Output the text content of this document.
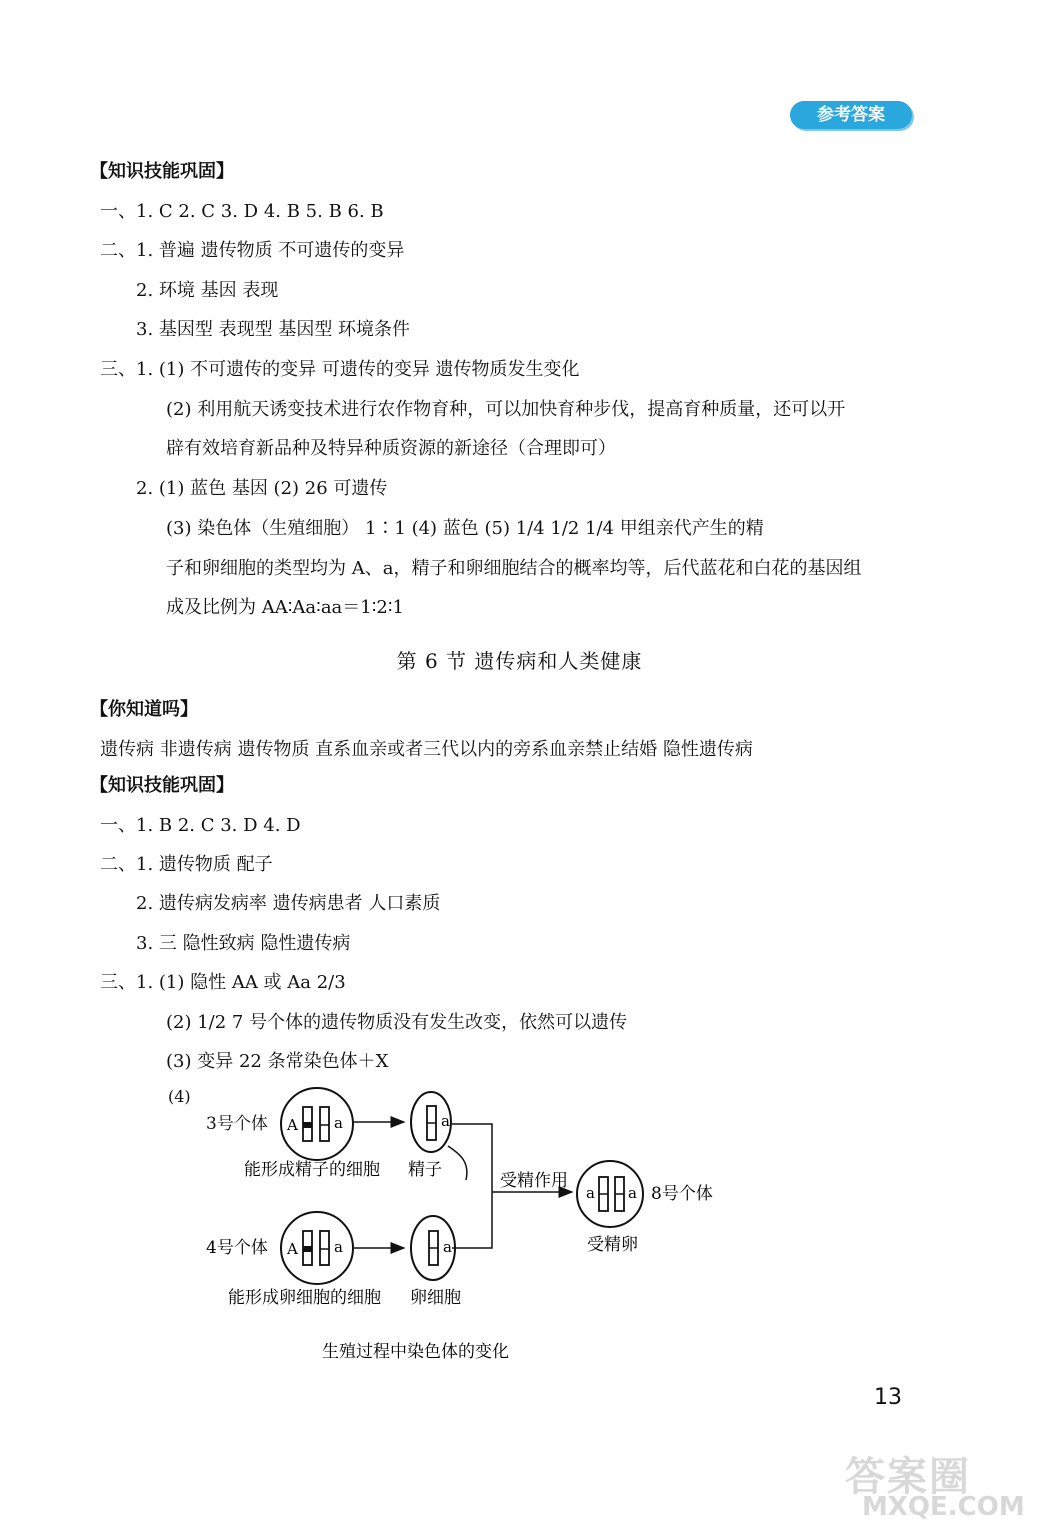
参考答案
【知识技能巩固】
一、1. C 2. C 3. D 4. B 5. B 6. B
二、1. 普遍 遗传物质 不可遗传的变异
2. 环境 基因 表现
3. 基因型 表现型 基因型 环境条件
三、1. (1) 不可遗传的变异 可遗传的变异 遗传物质发生变化
(2) 利用航天诱变技术进行农作物育种，可以加快育种步伐，提高育种质量，还可以开
辟有效培育新品种及特异种质资源的新途径（合理即可）
2. (1) 蓝色 基因 (2) 26 可遗传
(3) 染色体（生殖细胞） 1∶1 (4) 蓝色 (5) 1/4 1/2 1/4 甲组亲代产生的精
子和卵细胞的类型均为 A、a，精子和卵细胞结合的概率均等，后代蓝花和白花的基因组
成及比例为 AA∶Aa∶aa＝1∶2∶1
第 6 节 遗传病和人类健康
【你知道吗】
遗传病 非遗传病 遗传物质 直系血亲或者三代以内的旁系血亲禁止结婚 隐性遗传病
【知识技能巩固】
一、1. B 2. C 3. D 4. D
二、1. 遗传物质 配子
2. 遗传病发病率 遗传病患者 人口素质
3. 三 隐性致病 隐性遗传病
三、1. (1) 隐性 AA 或 Aa 2/3
(2) 1/2 7 号个体的遗传物质没有发生改变，依然可以遗传
(3) 变异 22 条常染色体＋X
(4)
3号个体 A a	a
能形成精子的细胞 精子
受精作用
a a 8号个体
受精卵
4号个体 A a	a
能形成卵细胞的细胞 卵细胞
生殖过程中染色体的变化
13
答案圈
MXQE.COM
